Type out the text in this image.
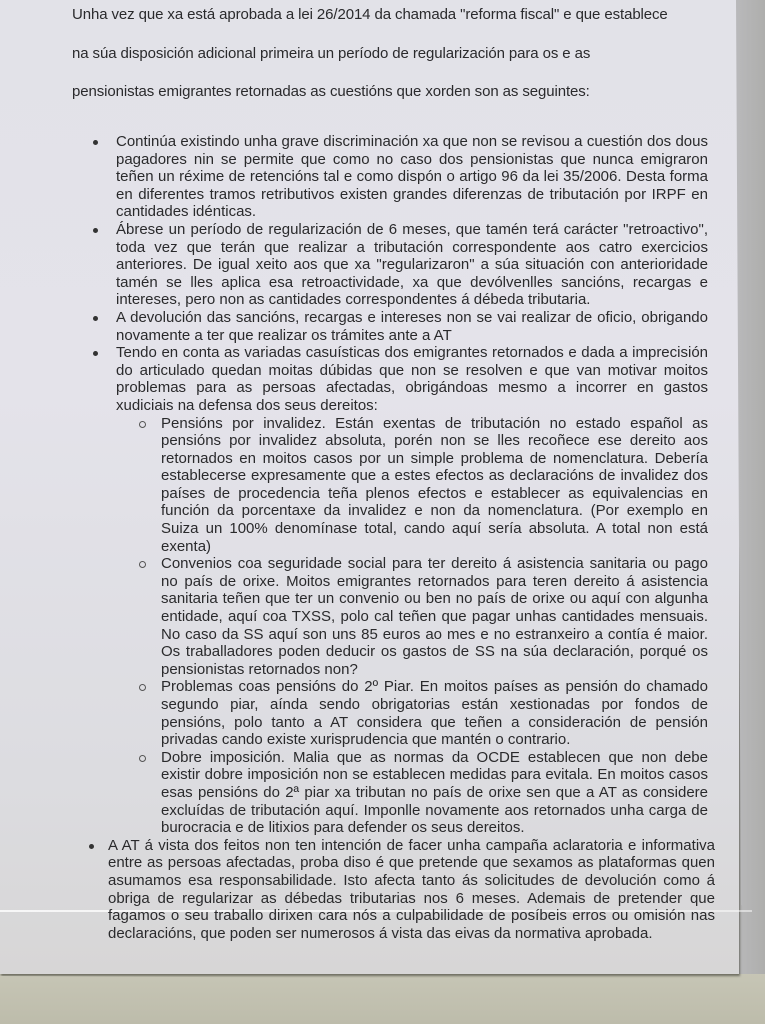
Unha vez que xa está aprobada a lei 26/2014 da chamada "reforma fiscal" e que establece
na súa disposición adicional primeira un período de regularización para os e as
pensionistas emigrantes retornadas as cuestións que xorden son as seguintes:
Continúa existindo unha grave discriminación xa que non se revisou a cuestión dos dous pagadores nin se permite que como no caso dos pensionistas que nunca emigraron teñen un réxime de retencións tal e como dispón o artigo 96 da lei 35/2006. Desta forma en diferentes tramos retributivos existen grandes diferenzas de tributación por IRPF en cantidades idénticas.
Ábrese un período de regularización de 6 meses, que tamén terá carácter "retroactivo", toda vez que terán que realizar a tributación correspondente aos catro exercicios anteriores. De igual xeito aos que xa "regularizaron" a súa situación con anterioridade tamén se lles aplica esa retroactividade, xa que devólvenlles sancións, recargas e intereses, pero non as cantidades correspondentes á débeda tributaria.
A devolución das sancións, recargas e intereses non se vai realizar de oficio, obrigando novamente a ter que realizar os trámites ante a AT
Tendo en conta as variadas casuísticas dos emigrantes retornados e dada a imprecisión do articulado quedan moitas dúbidas que non se resolven e que van motivar moitos problemas para as persoas afectadas, obrigándoas mesmo a incorrer en gastos xudiciais na defensa dos seus dereitos:
Pensións por invalidez. Están exentas de tributación no estado español as pensións por invalidez absoluta, porén non se lles recoñece ese dereito aos retornados en moitos casos por un simple problema de nomenclatura. Debería establecerse expresamente que a estes efectos as declaracións de invalidez dos países de procedencia teña plenos efectos e establecer as equivalencias en función da porcentaxe da invalidez e non da nomenclatura. (Por exemplo en Suiza un 100% denomínase total, cando aquí sería absoluta. A total non está exenta)
Convenios coa seguridade social para ter dereito á asistencia sanitaria ou pago no país de orixe. Moitos emigrantes retornados para teren dereito á asistencia sanitaria teñen que ter un convenio ou ben no país de orixe ou aquí con algunha entidade, aquí coa TXSS, polo cal teñen que pagar unhas cantidades mensuais. No caso da SS aquí son uns 85 euros ao mes e no estranxeiro a contía é maior. Os traballadores poden deducir os gastos de SS na súa declaración, porqué os pensionistas retornados non?
Problemas coas pensións do 2º Piar. En moitos países as pensión do chamado segundo piar, aínda sendo obrigatorias están xestionadas por fondos de pensións, polo tanto a AT considera que teñen a consideración de pensión privadas cando existe xurisprudencia que mantén o contrario.
Dobre imposición. Malia que as normas da OCDE establecen que non debe existir dobre imposición non se establecen medidas para evitala. En moitos casos esas pensións do 2ª piar xa tributan no país de orixe sen que a AT as considere excluídas de tributación aquí. Imponlle novamente aos retornados unha carga de burocracia e de litixios para defender os seus dereitos.
A AT á vista dos feitos non ten intención de facer unha campaña aclaratoria e informativa entre as persoas afectadas, proba diso é que pretende que sexamos as plataformas quen asumamos esa responsabilidade. Isto afecta tanto ás solicitudes de devolución como á obriga de regularizar as débedas tributarias nos 6 meses. Ademais de pretender que fagamos o seu traballo dirixen cara nós a culpabilidade de posíbeis erros ou omisión nas declaracións, que poden ser numerosos á vista das eivas da normativa aprobada.
